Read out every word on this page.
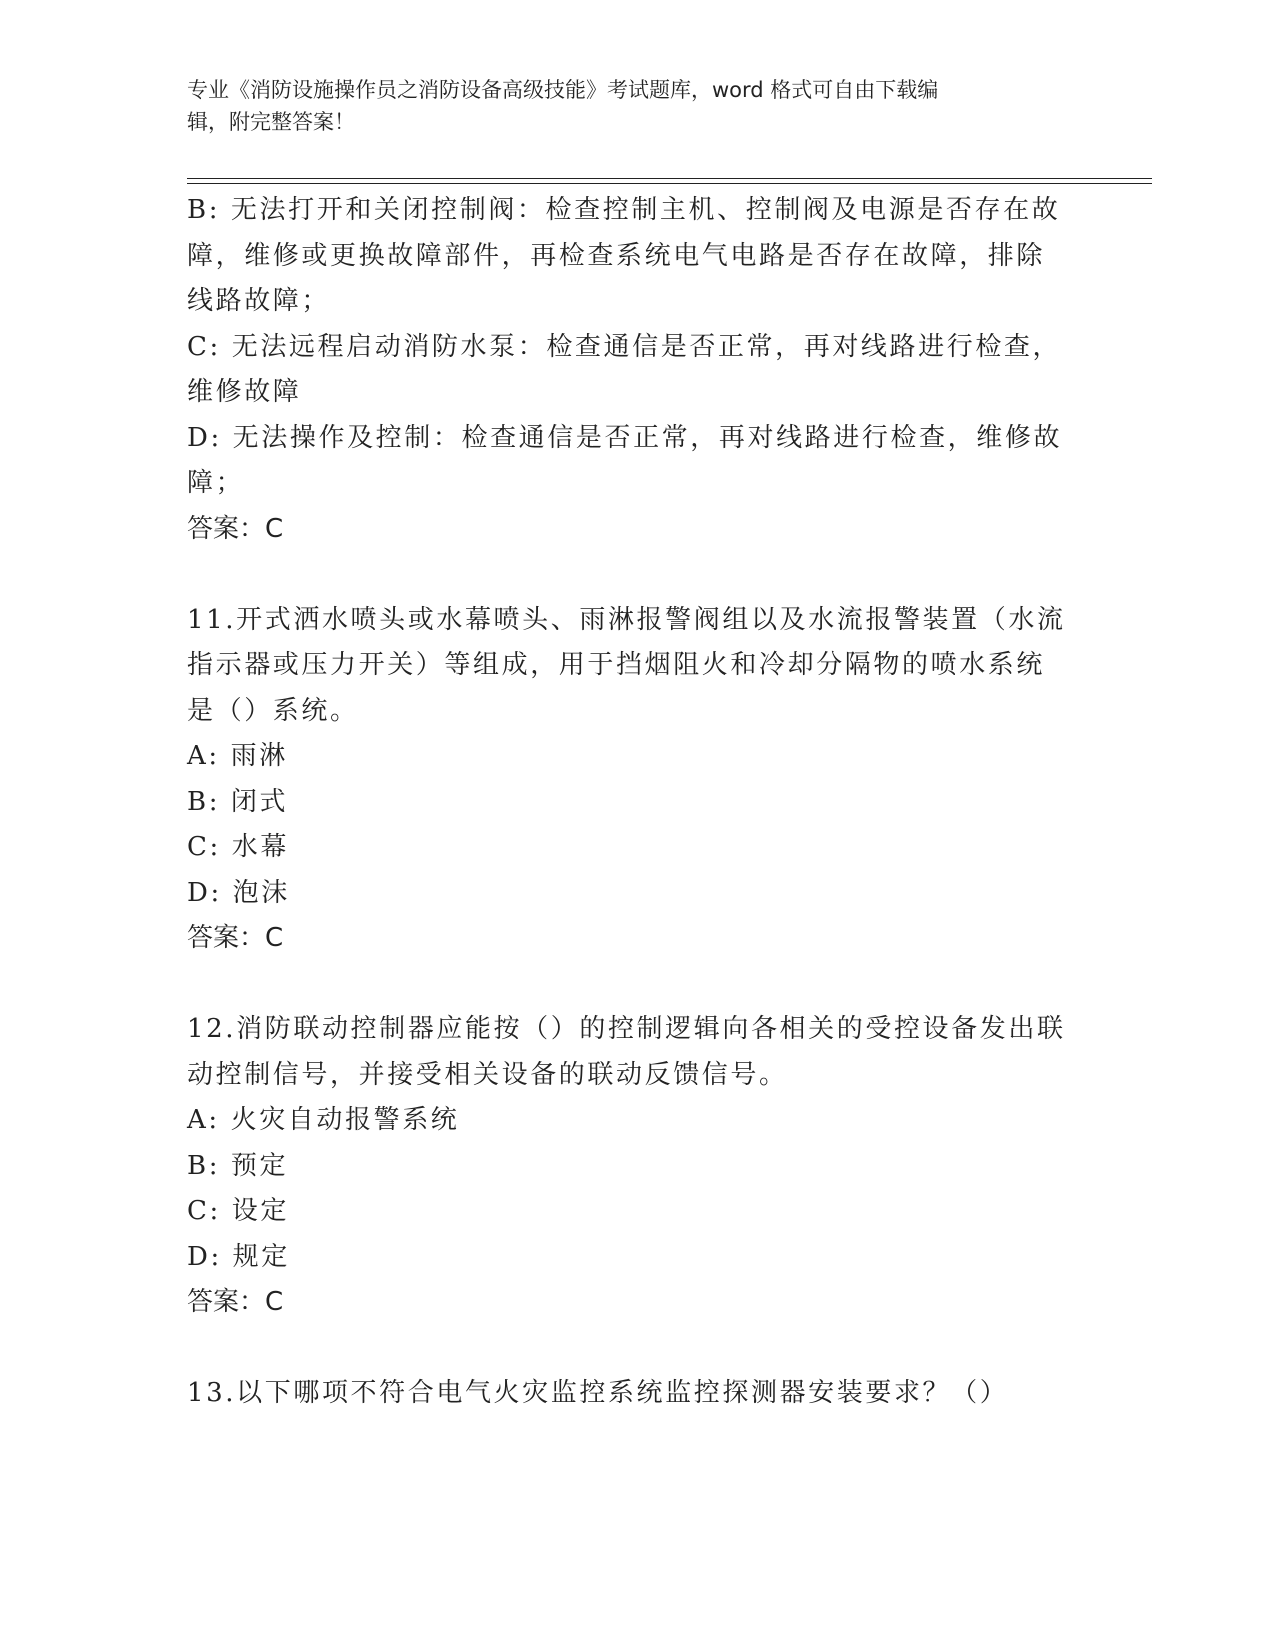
专业《消防设施操作员之消防设备高级技能》考试题库，word 格式可自由下载编
辑，附完整答案！
B: 无法打开和关闭控制阀：检查控制主机、控制阀及电源是否存在故
障，维修或更换故障部件，再检查系统电气电路是否存在故障，排除
线路故障；
C: 无法远程启动消防水泵：检查通信是否正常，再对线路进行检查，
维修故障
D: 无法操作及控制：检查通信是否正常，再对线路进行检查，维修故
障；
答案：C
11.开式洒水喷头或水幕喷头、雨淋报警阀组以及水流报警装置（水流
指示器或压力开关）等组成，用于挡烟阻火和冷却分隔物的喷水系统
是（）系统。
A: 雨淋
B: 闭式
C: 水幕
D: 泡沫
答案：C
12.消防联动控制器应能按（）的控制逻辑向各相关的受控设备发出联
动控制信号，并接受相关设备的联动反馈信号。
A: 火灾自动报警系统
B: 预定
C: 设定
D: 规定
答案：C
13.以下哪项不符合电气火灾监控系统监控探测器安装要求？（）
